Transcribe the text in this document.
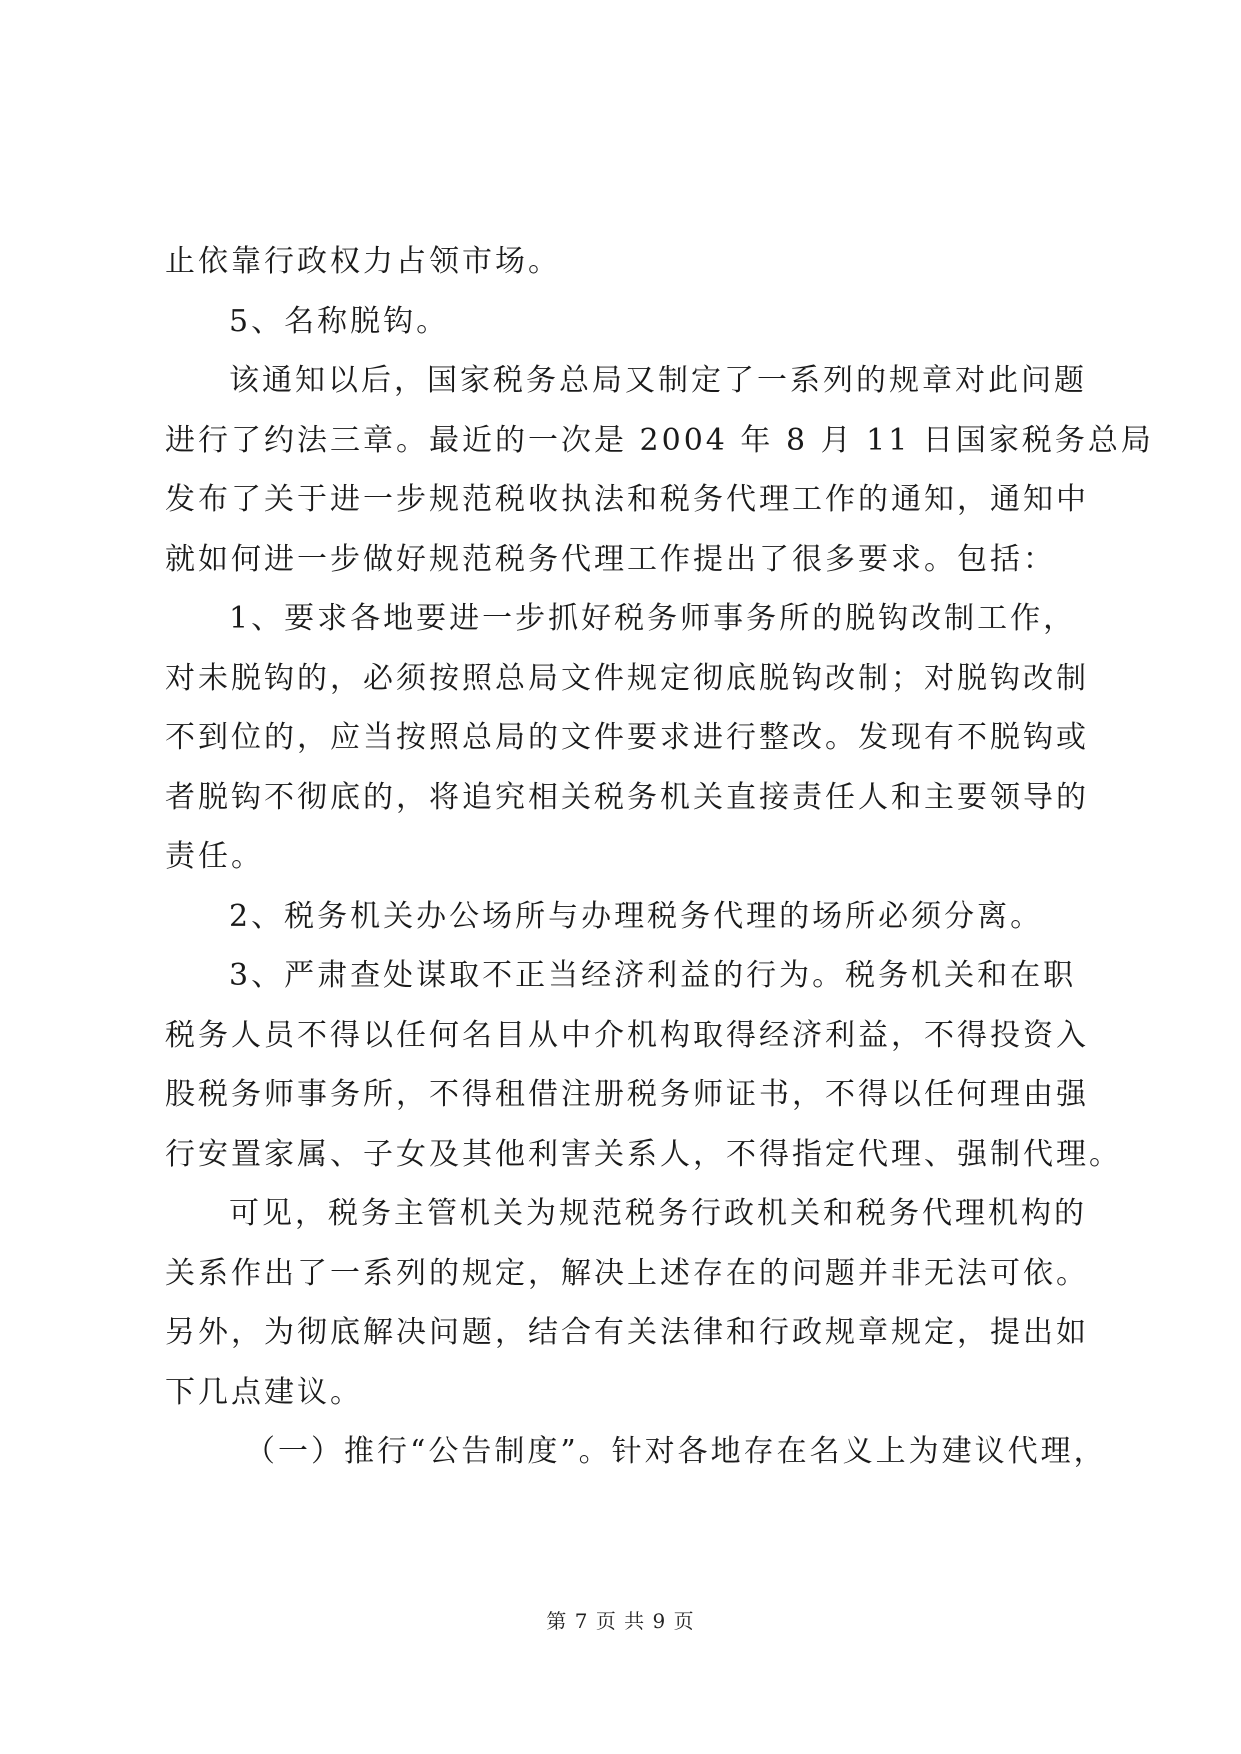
止依靠行政权力占领市场。
5、名称脱钩。
该通知以后，国家税务总局又制定了一系列的规章对此问题
进行了约法三章。最近的一次是 2004 年 8 月 11 日国家税务总局
发布了关于进一步规范税收执法和税务代理工作的通知，通知中
就如何进一步做好规范税务代理工作提出了很多要求。包括：
1、要求各地要进一步抓好税务师事务所的脱钩改制工作，
对未脱钩的，必须按照总局文件规定彻底脱钩改制；对脱钩改制
不到位的，应当按照总局的文件要求进行整改。发现有不脱钩或
者脱钩不彻底的，将追究相关税务机关直接责任人和主要领导的
责任。
2、税务机关办公场所与办理税务代理的场所必须分离。
3、严肃查处谋取不正当经济利益的行为。税务机关和在职
税务人员不得以任何名目从中介机构取得经济利益，不得投资入
股税务师事务所，不得租借注册税务师证书，不得以任何理由强
行安置家属、子女及其他利害关系人，不得指定代理、强制代理。
可见，税务主管机关为规范税务行政机关和税务代理机构的
关系作出了一系列的规定，解决上述存在的问题并非无法可依。
另外，为彻底解决问题，结合有关法律和行政规章规定，提出如
下几点建议。
（一）推行“公告制度”。针对各地存在名义上为建议代理，
第 7 页 共 9 页
